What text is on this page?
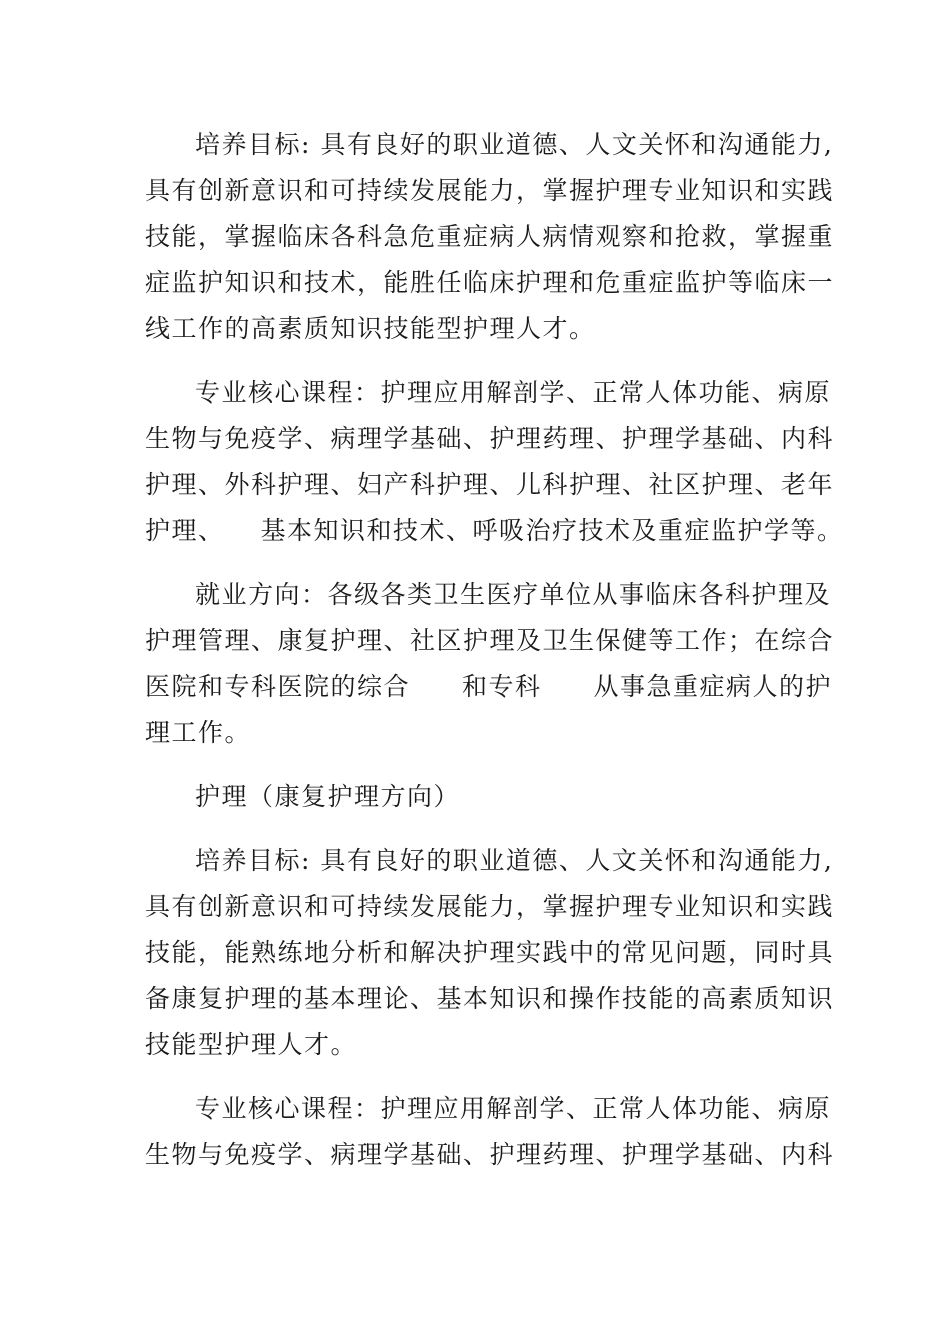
培养目标: 具有良好的职业道德、人文关怀和沟通能力,
具有创新意识和可持续发展能力，掌握护理专业知识和实践
技能，掌握临床各科急危重症病人病情观察和抢救，掌握重
症监护知识和技术，能胜任临床护理和危重症监护等临床一
线工作的高素质知识技能型护理人才。
专业核心课程：护理应用解剖学、正常人体功能、病原
生物与免疫学、病理学基础、护理药理、护理学基础、内科
护理、外科护理、妇产科护理、儿科护理、社区护理、老年
护理、 基本知识和技术、呼吸治疗技术及重症监护学等。
就业方向：各级各类卫生医疗单位从事临床各科护理及
护理管理、康复护理、社区护理及卫生保健等工作；在综合
医院和专科医院的综合 和专科 从事急重症病人的护
理工作。
护理（康复护理方向）
培养目标: 具有良好的职业道德、人文关怀和沟通能力,
具有创新意识和可持续发展能力，掌握护理专业知识和实践
技能，能熟练地分析和解决护理实践中的常见问题，同时具
备康复护理的基本理论、基本知识和操作技能的高素质知识
技能型护理人才。
专业核心课程：护理应用解剖学、正常人体功能、病原
生物与免疫学、病理学基础、护理药理、护理学基础、内科
